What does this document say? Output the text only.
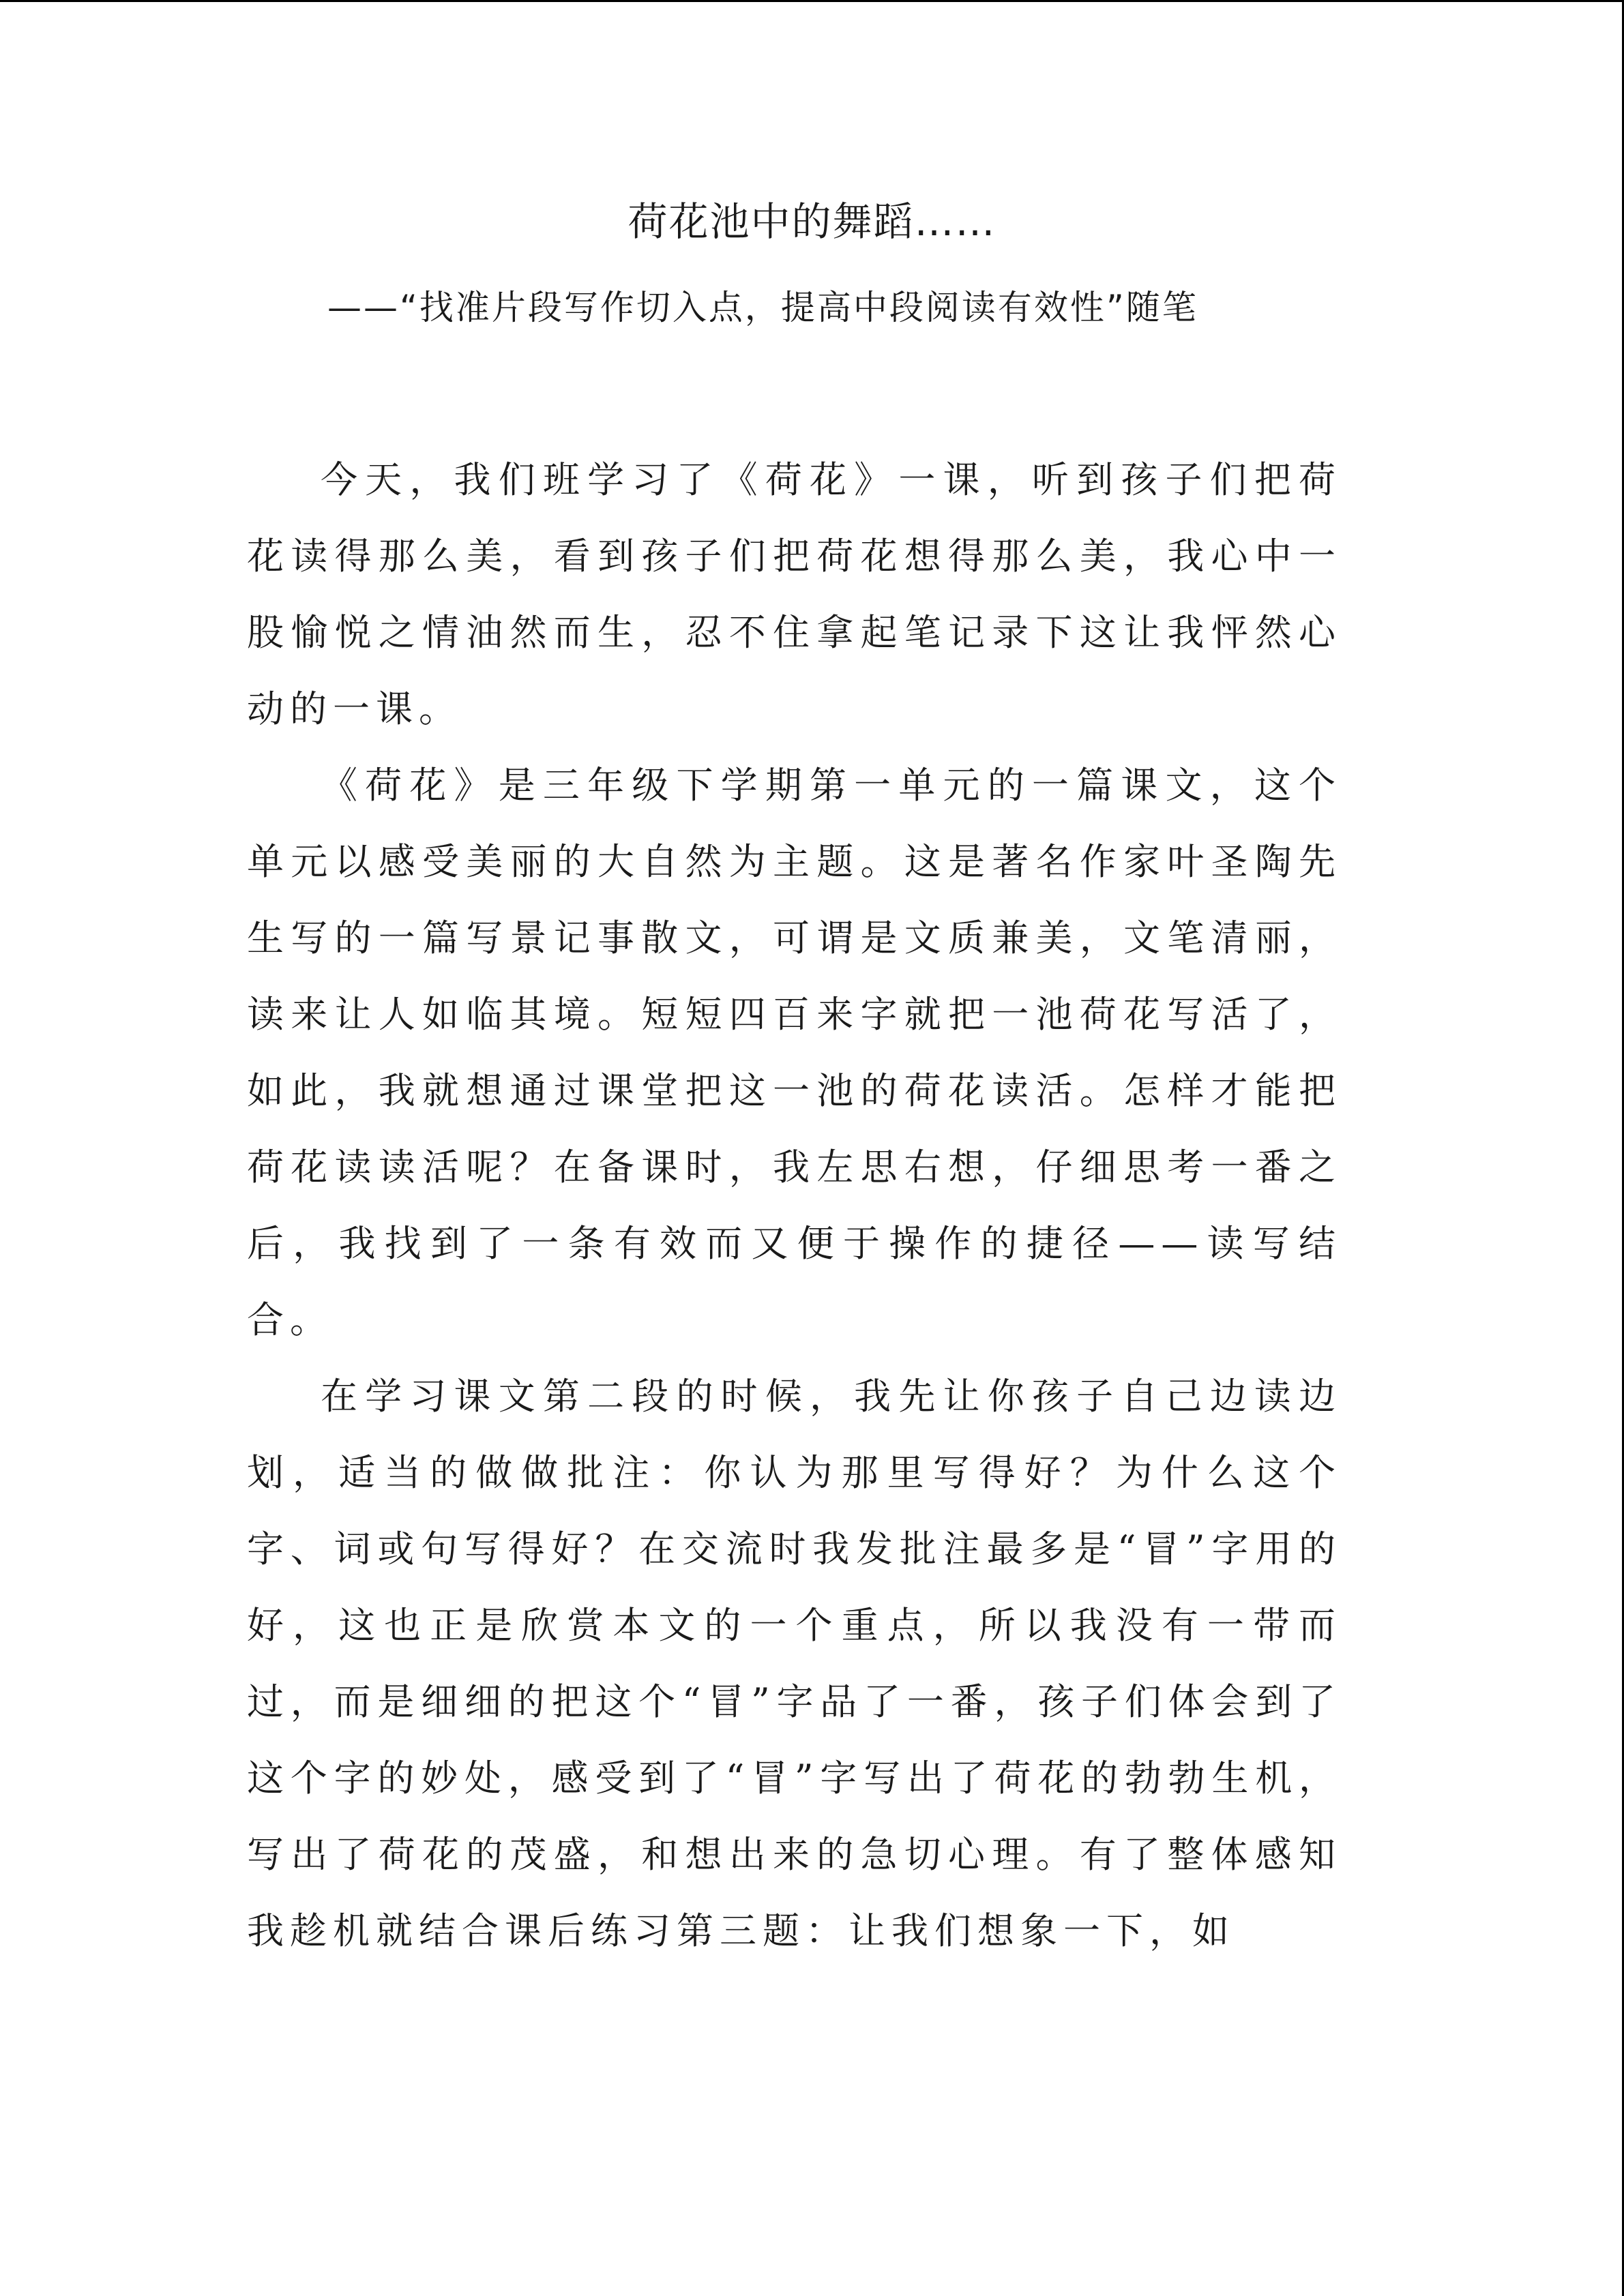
荷花池中的舞蹈……
——“找准片段写作切入点，提高中段阅读有效性”随笔

今天，我们班学习了《荷花》一课，听到孩子们把荷花读得那么美，看到孩子们把荷花想得那么美，我心中一股愉悦之情油然而生，忍不住拿起笔记录下这让我怦然心动的一课。

《荷花》是三年级下学期第一单元的一篇课文，这个单元以感受美丽的大自然为主题。这是著名作家叶圣陶先生写的一篇写景记事散文，可谓是文质兼美，文笔清丽，读来让人如临其境。短短四百来字就把一池荷花写活了，如此，我就想通过课堂把这一池的荷花读活。怎样才能把荷花读读活呢？在备课时，我左思右想，仔细思考一番之后，我找到了一条有效而又便于操作的捷径——读写结合。

在学习课文第二段的时候，我先让你孩子自己边读边划，适当的做做批注：你认为那里写得好？为什么这个字、词或句写得好？在交流时我发批注最多是“冒”字用的好，这也正是欣赏本文的一个重点，所以我没有一带而过，而是细细的把这个“冒”字品了一番，孩子们体会到了这个字的妙处，感受到了“冒”字写出了荷花的勃勃生机，写出了荷花的茂盛，和想出来的急切心理。有了整体感知我趁机就结合课后练习第三题：让我们想象一下，如
